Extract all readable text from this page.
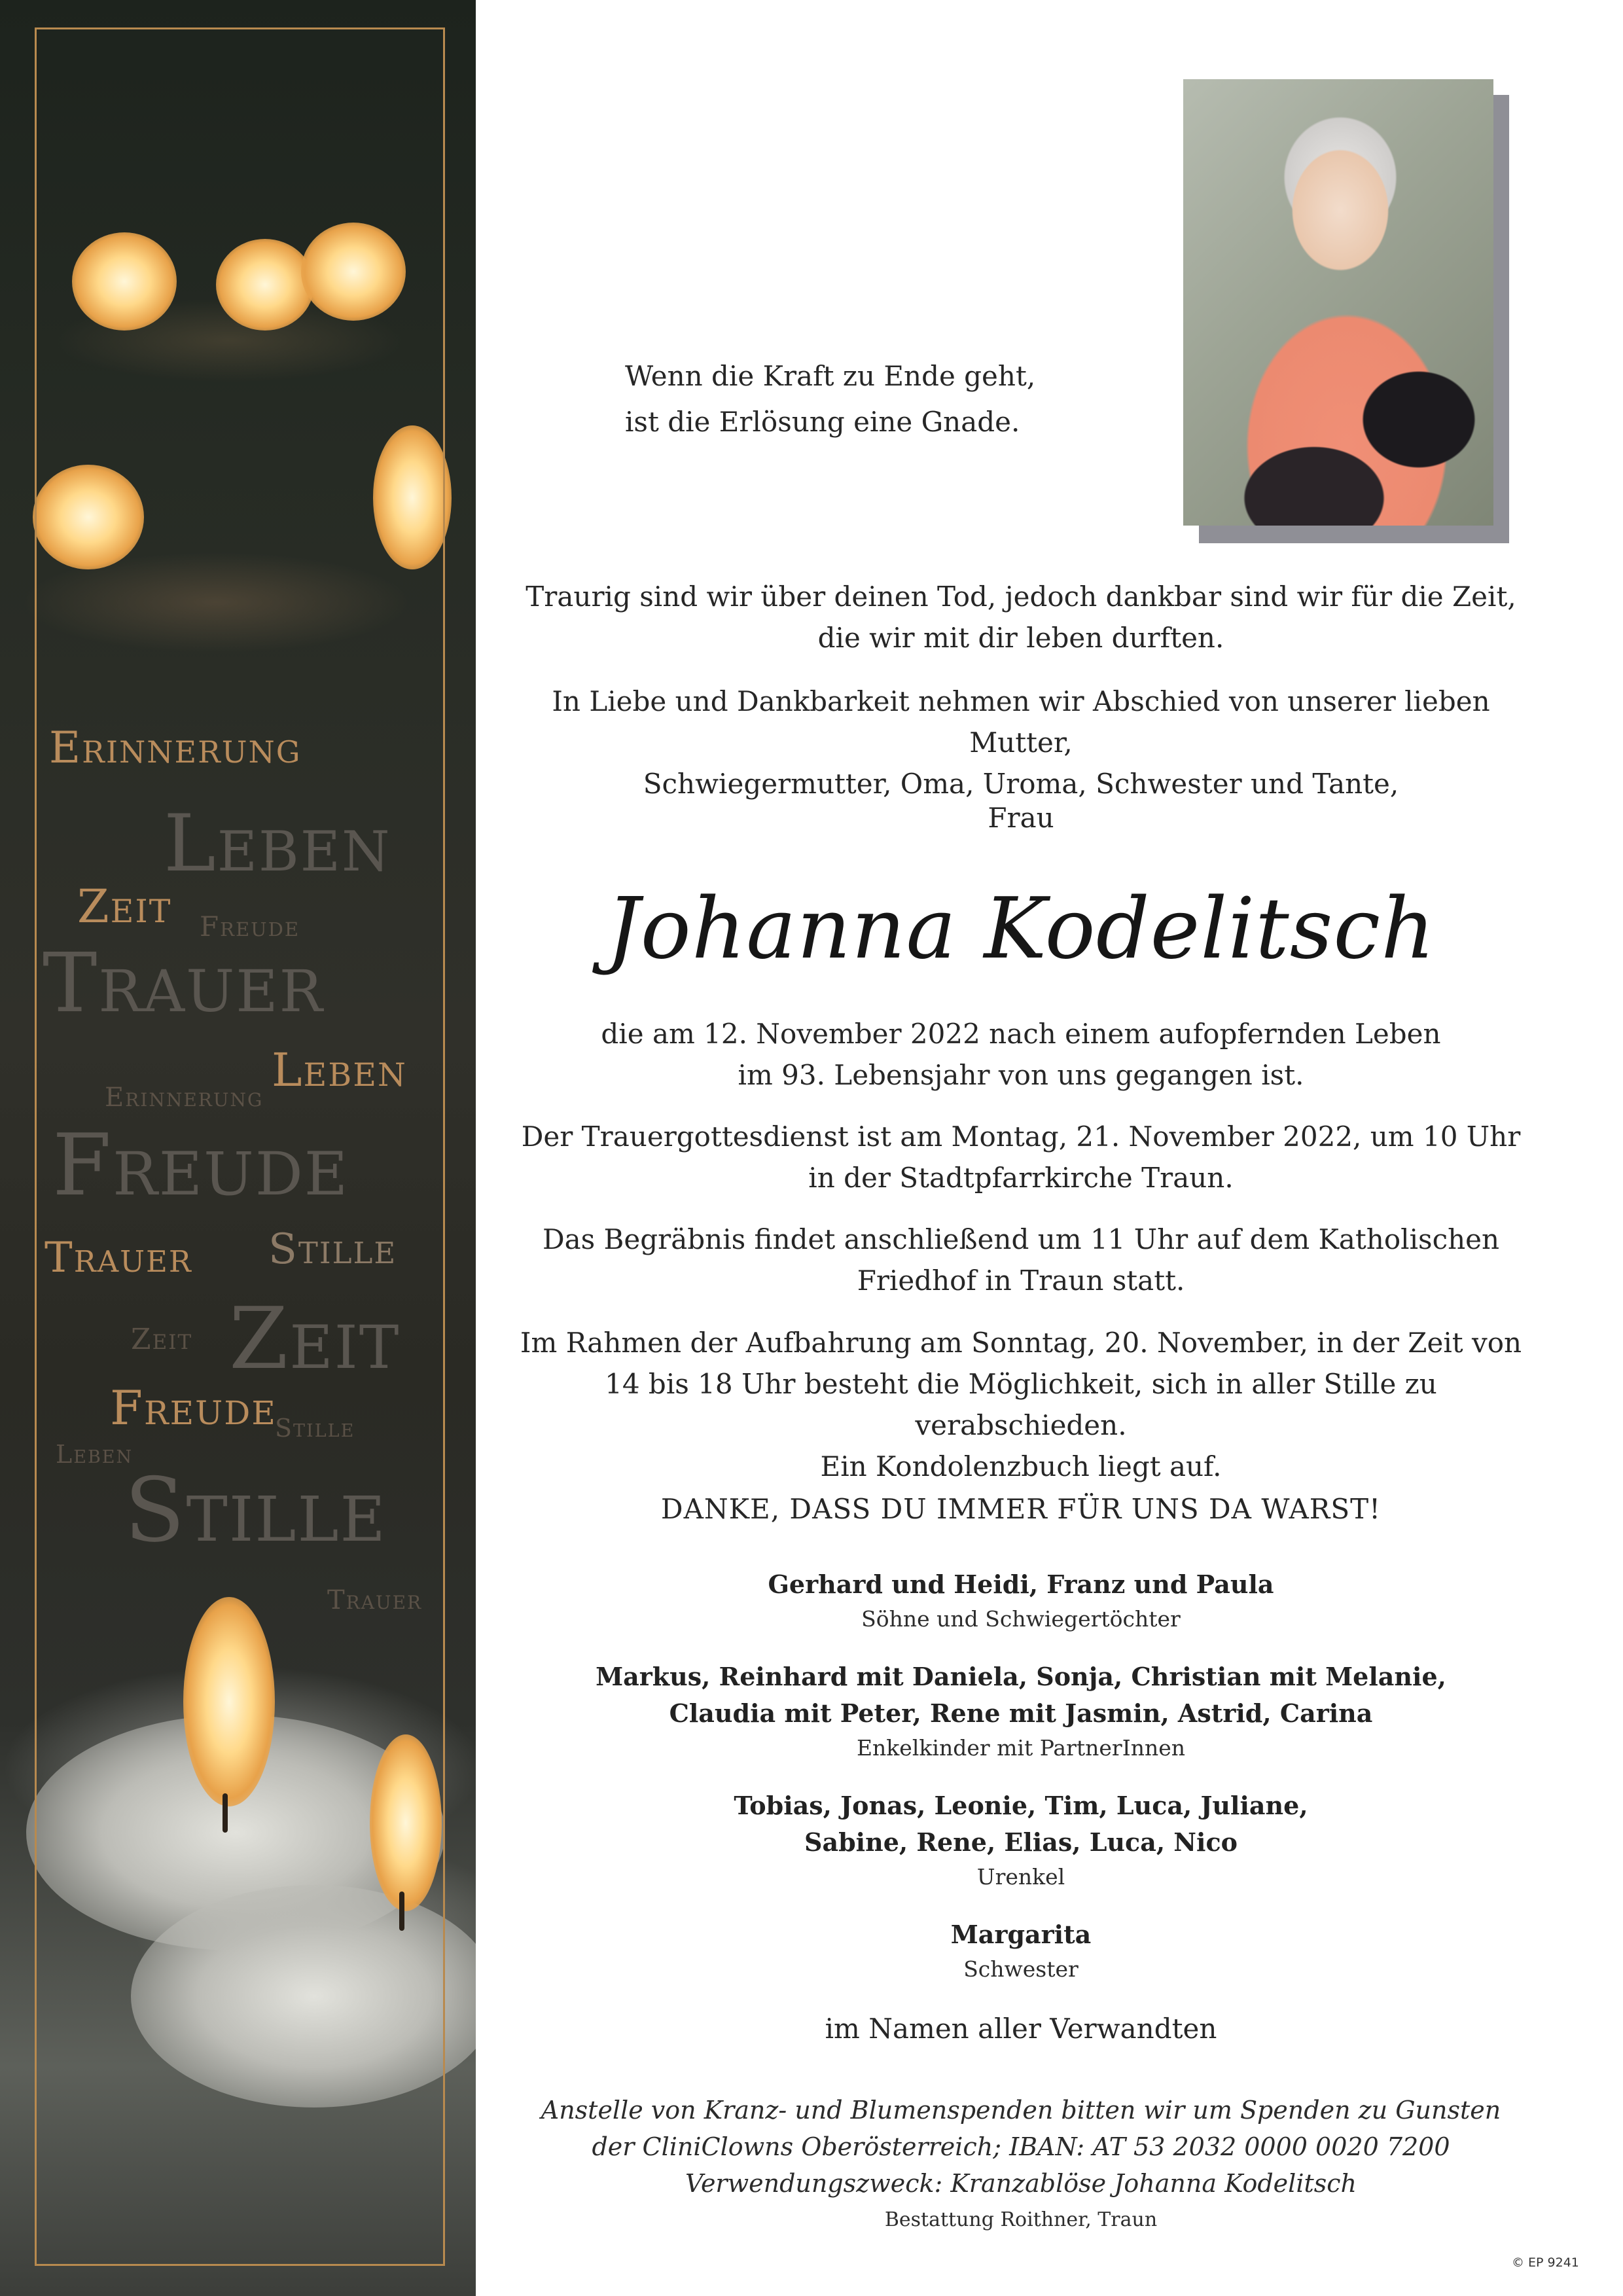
Erinnerung
Leben
Zeit Freude
Trauer
Leben
Erinnerung
Freude
Trauer Stille
Zeit Zeit
Freude
Stille
Leben
Stille
Trauer
Wenn die Kraft zu Ende geht,
ist die Erlösung eine Gnade.
Traurig sind wir über deinen Tod, jedoch dankbar sind wir für die Zeit,
die wir mit dir leben durften.
In Liebe und Dankbarkeit nehmen wir Abschied von unserer lieben Mutter,
Schwiegermutter, Oma, Uroma, Schwester und Tante,
Frau
Johanna Kodelitsch
die am 12. November 2022 nach einem aufopfernden Leben
im 93. Lebensjahr von uns gegangen ist.
Der Trauergottesdienst ist am Montag, 21. November 2022, um 10 Uhr
in der Stadtpfarrkirche Traun.
Das Begräbnis findet anschließend um 11 Uhr auf dem Katholischen
Friedhof in Traun statt.
Im Rahmen der Aufbahrung am Sonntag, 20. November, in der Zeit von
14 bis 18 Uhr besteht die Möglichkeit, sich in aller Stille zu verabschieden.
Ein Kondolenzbuch liegt auf.
DANKE, DASS DU IMMER FÜR UNS DA WARST!
Gerhard und Heidi, Franz und Paula
Söhne und Schwiegertöchter
Markus, Reinhard mit Daniela, Sonja, Christian mit Melanie,
Claudia mit Peter, Rene mit Jasmin, Astrid, Carina
Enkelkinder mit PartnerInnen
Tobias, Jonas, Leonie, Tim, Luca, Juliane,
Sabine, Rene, Elias, Luca, Nico
Urenkel
Margarita
Schwester
im Namen aller Verwandten
Anstelle von Kranz- und Blumenspenden bitten wir um Spenden zu Gunsten
der CliniClowns Oberösterreich; IBAN: AT 53 2032 0000 0020 7200
Verwendungszweck: Kranzablöse Johanna Kodelitsch
Bestattung Roithner, Traun
© EP 9241
